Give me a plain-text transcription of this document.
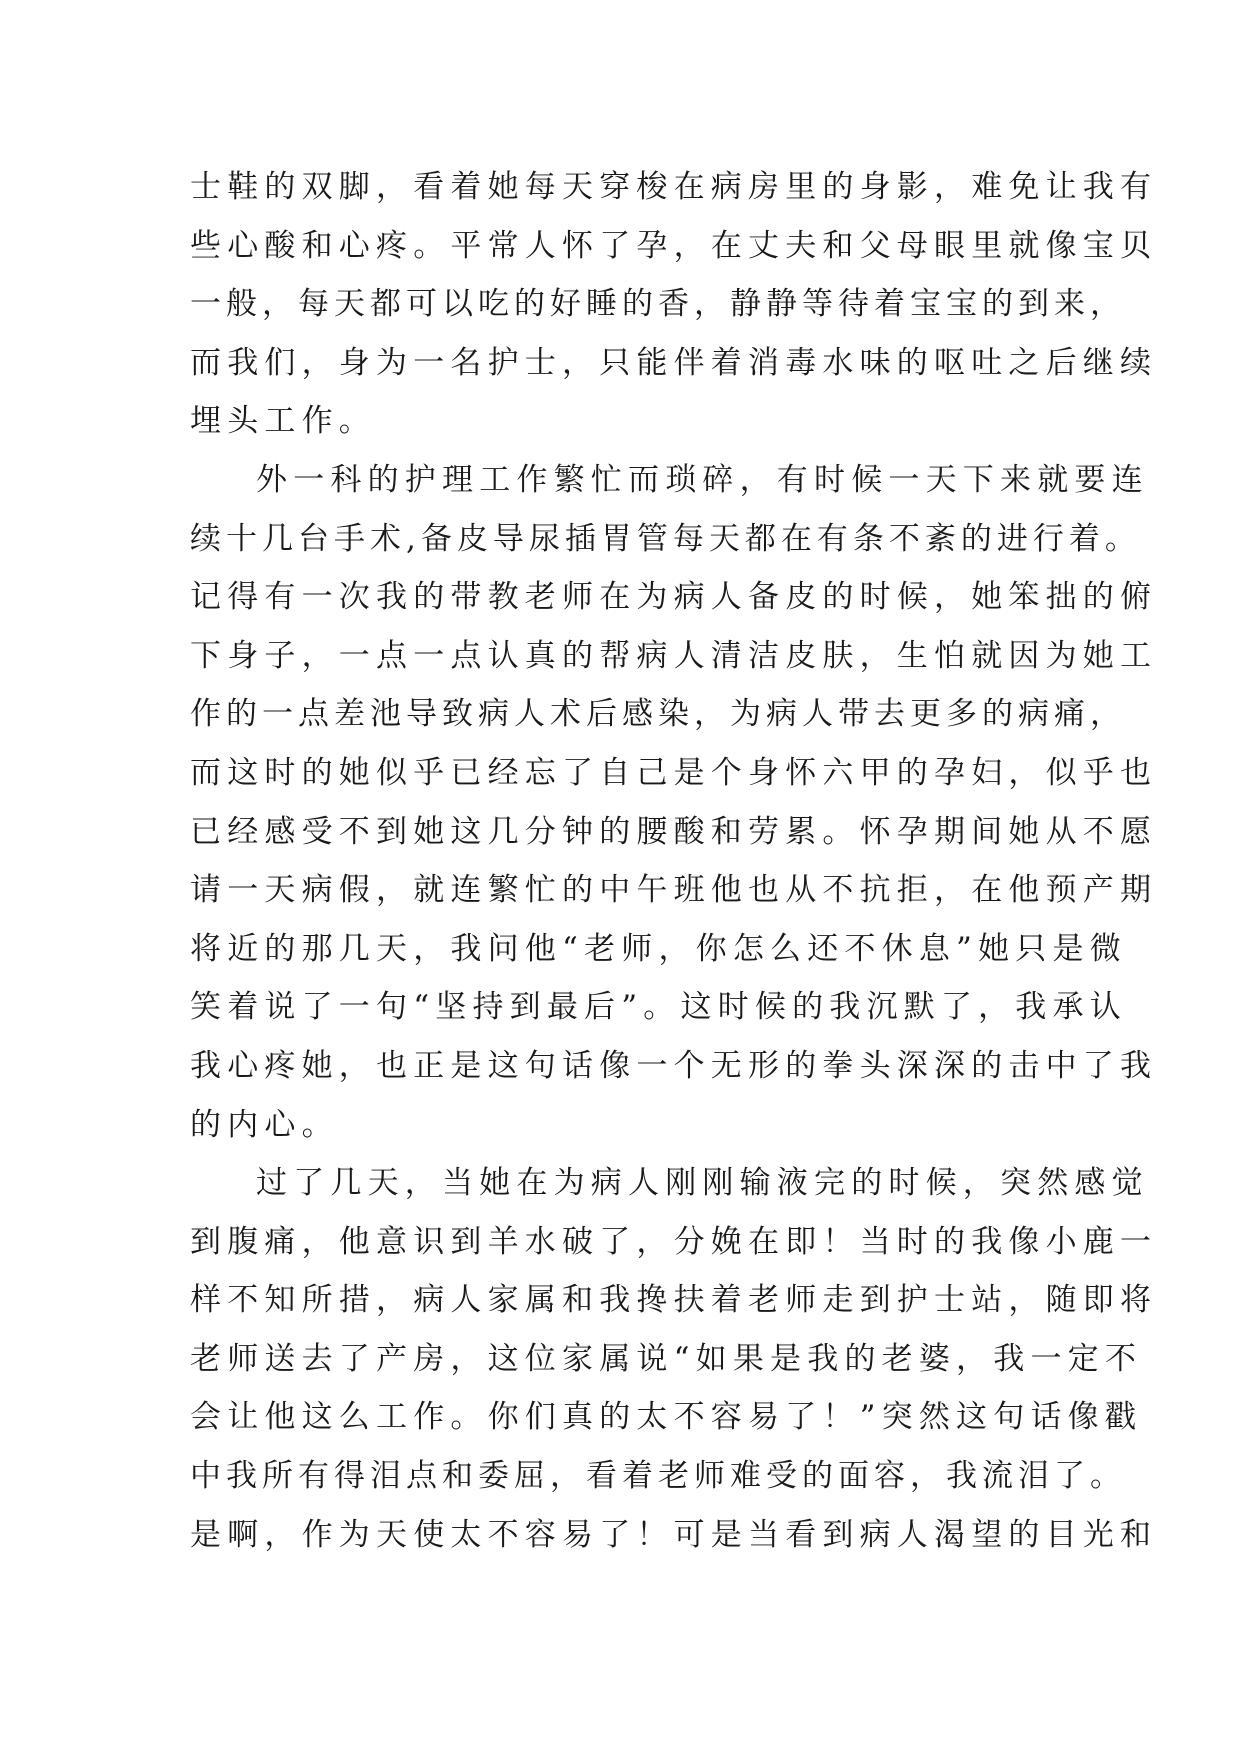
士鞋的双脚，看着她每天穿梭在病房里的身影，难免让我有
些心酸和心疼。平常人怀了孕，在丈夫和父母眼里就像宝贝
一般，每天都可以吃的好睡的香，静静等待着宝宝的到来，
而我们，身为一名护士，只能伴着消毒水味的呕吐之后继续
埋头工作。
外一科的护理工作繁忙而琐碎，有时候一天下来就要连
续十几台手术,备皮导尿插胃管每天都在有条不紊的进行着。
记得有一次我的带教老师在为病人备皮的时候，她笨拙的俯
下身子，一点一点认真的帮病人清洁皮肤，生怕就因为她工
作的一点差池导致病人术后感染，为病人带去更多的病痛，
而这时的她似乎已经忘了自己是个身怀六甲的孕妇，似乎也
已经感受不到她这几分钟的腰酸和劳累。怀孕期间她从不愿
请一天病假，就连繁忙的中午班他也从不抗拒，在他预产期
将近的那几天，我问他“老师，你怎么还不休息”她只是微
笑着说了一句“坚持到最后”。这时候的我沉默了，我承认
我心疼她，也正是这句话像一个无形的拳头深深的击中了我
的内心。
过了几天，当她在为病人刚刚输液完的时候，突然感觉
到腹痛，他意识到羊水破了，分娩在即！当时的我像小鹿一
样不知所措，病人家属和我搀扶着老师走到护士站，随即将
老师送去了产房，这位家属说“如果是我的老婆，我一定不
会让他这么工作。你们真的太不容易了！”突然这句话像戳
中我所有得泪点和委屈，看着老师难受的面容，我流泪了。
是啊，作为天使太不容易了！可是当看到病人渴望的目光和
